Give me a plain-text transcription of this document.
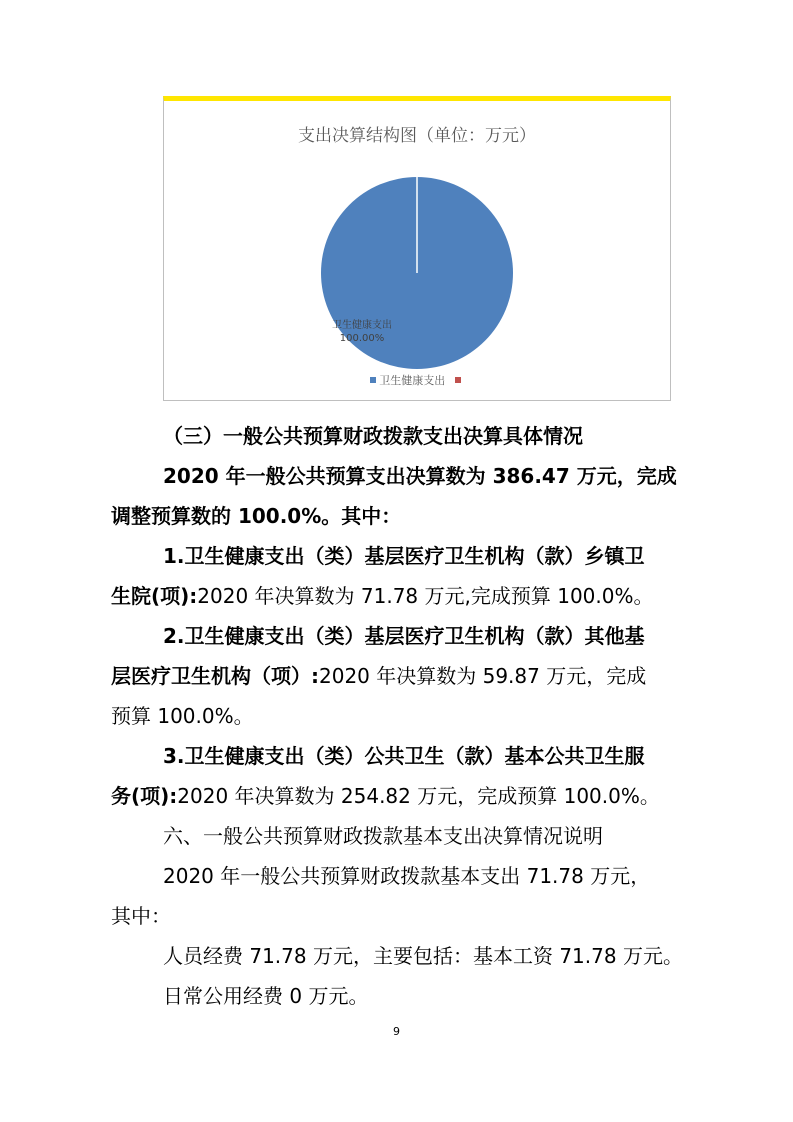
支出决算结构图（单位：万元）
卫生健康支出
100.00%
卫生健康支出

（三）一般公共预算财政拨款支出决算具体情况
2020 年一般公共预算支出决算数为 386.47 万元，完成
调整预算数的 100.0%。其中：
1.卫生健康支出（类）基层医疗卫生机构（款）乡镇卫
生院(项):2020 年决算数为 71.78 万元,完成预算 100.0%。
2.卫生健康支出（类）基层医疗卫生机构（款）其他基
层医疗卫生机构（项）:2020 年决算数为 59.87 万元，完成
预算 100.0%。
3.卫生健康支出（类）公共卫生（款）基本公共卫生服
务(项):2020 年决算数为 254.82 万元，完成预算 100.0%。
六、一般公共预算财政拨款基本支出决算情况说明
2020 年一般公共预算财政拨款基本支出 71.78 万元，
其中：
人员经费 71.78 万元，主要包括：基本工资 71.78 万元。
日常公用经费 0 万元。
9
